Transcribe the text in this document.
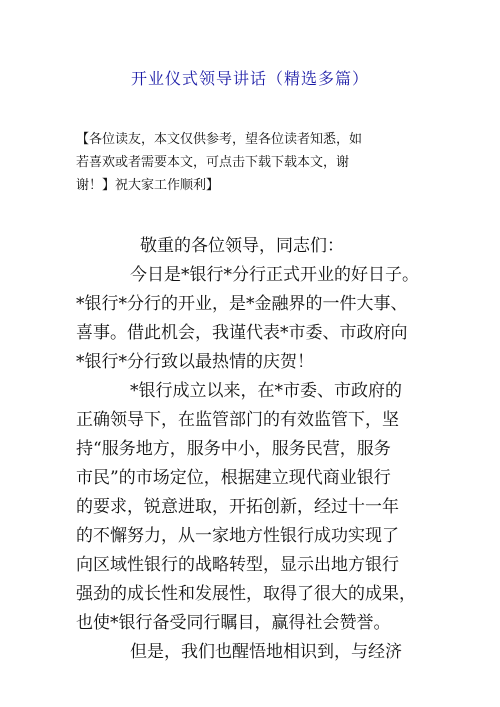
开业仪式领导讲话（精选多篇）

【各位读友，本文仅供参考，望各位读者知悉，如

若喜欢或者需要本文，可点击下载下载本文，谢

谢！】祝大家工作顺利】

敬重的各位领导，同志们：

今日是*银行*分行正式开业的好日子。

*银行*分行的开业，是*金融界的一件大事、

喜事。借此机会，我谨代表*市委、市政府向

*银行*分行致以最热情的庆贺！

*银行成立以来，在*市委、市政府的

正确领导下，在监管部门的有效监管下，坚

持“服务地方，服务中小，服务民营，服务

市民”的市场定位，根据建立现代商业银行

的要求，锐意进取，开拓创新，经过十一年

的不懈努力，从一家地方性银行成功实现了

向区域性银行的战略转型，显示出地方银行

强劲的成长性和发展性，取得了很大的成果，

也使*银行备受同行瞩目，赢得社会赞誉。

但是，我们也醒悟地相识到，与经济
